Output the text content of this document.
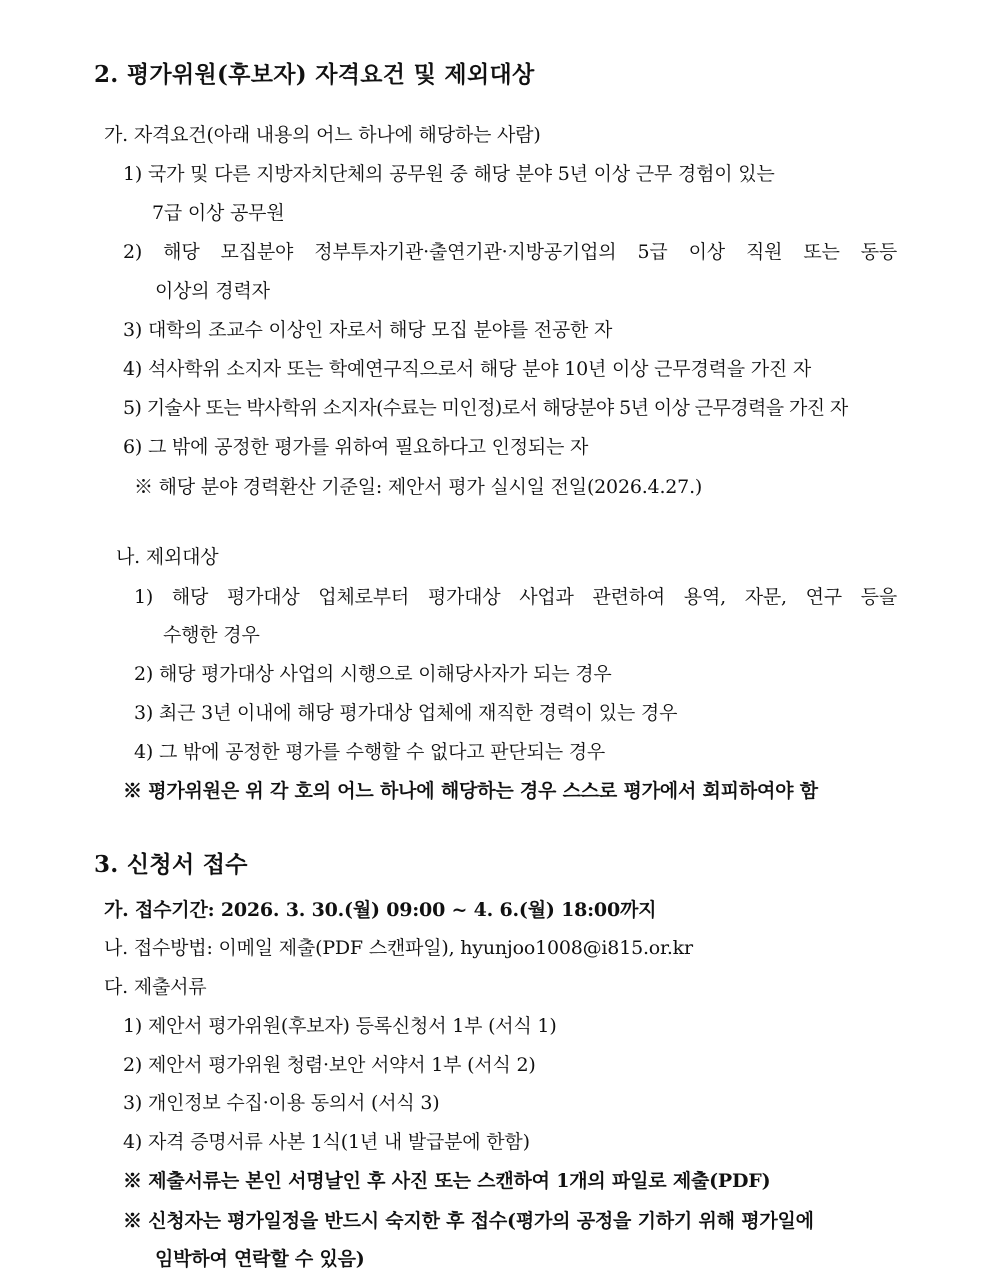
2. 평가위원(후보자) 자격요건 및 제외대상
가. 자격요건(아래 내용의 어느 하나에 해당하는 사람)
1) 국가 및 다른 지방자치단체의 공무원 중 해당 분야 5년 이상 근무 경험이 있는
7급 이상 공무원
2) 해당 모집분야 정부투자기관·출연기관·지방공기업의 5급 이상 직원 또는 동등
이상의 경력자
3) 대학의 조교수 이상인 자로서 해당 모집 분야를 전공한 자
4) 석사학위 소지자 또는 학예연구직으로서 해당 분야 10년 이상 근무경력을 가진 자
5) 기술사 또는 박사학위 소지자(수료는 미인정)로서 해당분야 5년 이상 근무경력을 가진 자
6) 그 밖에 공정한 평가를 위하여 필요하다고 인정되는 자
※ 해당 분야 경력환산 기준일: 제안서 평가 실시일 전일(2026.4.27.)
나. 제외대상
1) 해당 평가대상 업체로부터 평가대상 사업과 관련하여 용역, 자문, 연구 등을
수행한 경우
2) 해당 평가대상 사업의 시행으로 이해당사자가 되는 경우
3) 최근 3년 이내에 해당 평가대상 업체에 재직한 경력이 있는 경우
4) 그 밖에 공정한 평가를 수행할 수 없다고 판단되는 경우
※ 평가위원은 위 각 호의 어느 하나에 해당하는 경우 스스로 평가에서 회피하여야 함
3. 신청서 접수
가. 접수기간: 2026. 3. 30.(월) 09:00 ~ 4. 6.(월) 18:00까지
나. 접수방법: 이메일 제출(PDF 스캔파일), hyunjoo1008@i815.or.kr
다. 제출서류
1) 제안서 평가위원(후보자) 등록신청서 1부 (서식 1)
2) 제안서 평가위원 청렴·보안 서약서 1부 (서식 2)
3) 개인정보 수집·이용 동의서 (서식 3)
4) 자격 증명서류 사본 1식(1년 내 발급분에 한함)
※ 제출서류는 본인 서명날인 후 사진 또는 스캔하여 1개의 파일로 제출(PDF)
※ 신청자는 평가일정을 반드시 숙지한 후 접수(평가의 공정을 기하기 위해 평가일에
임박하여 연락할 수 있음)
